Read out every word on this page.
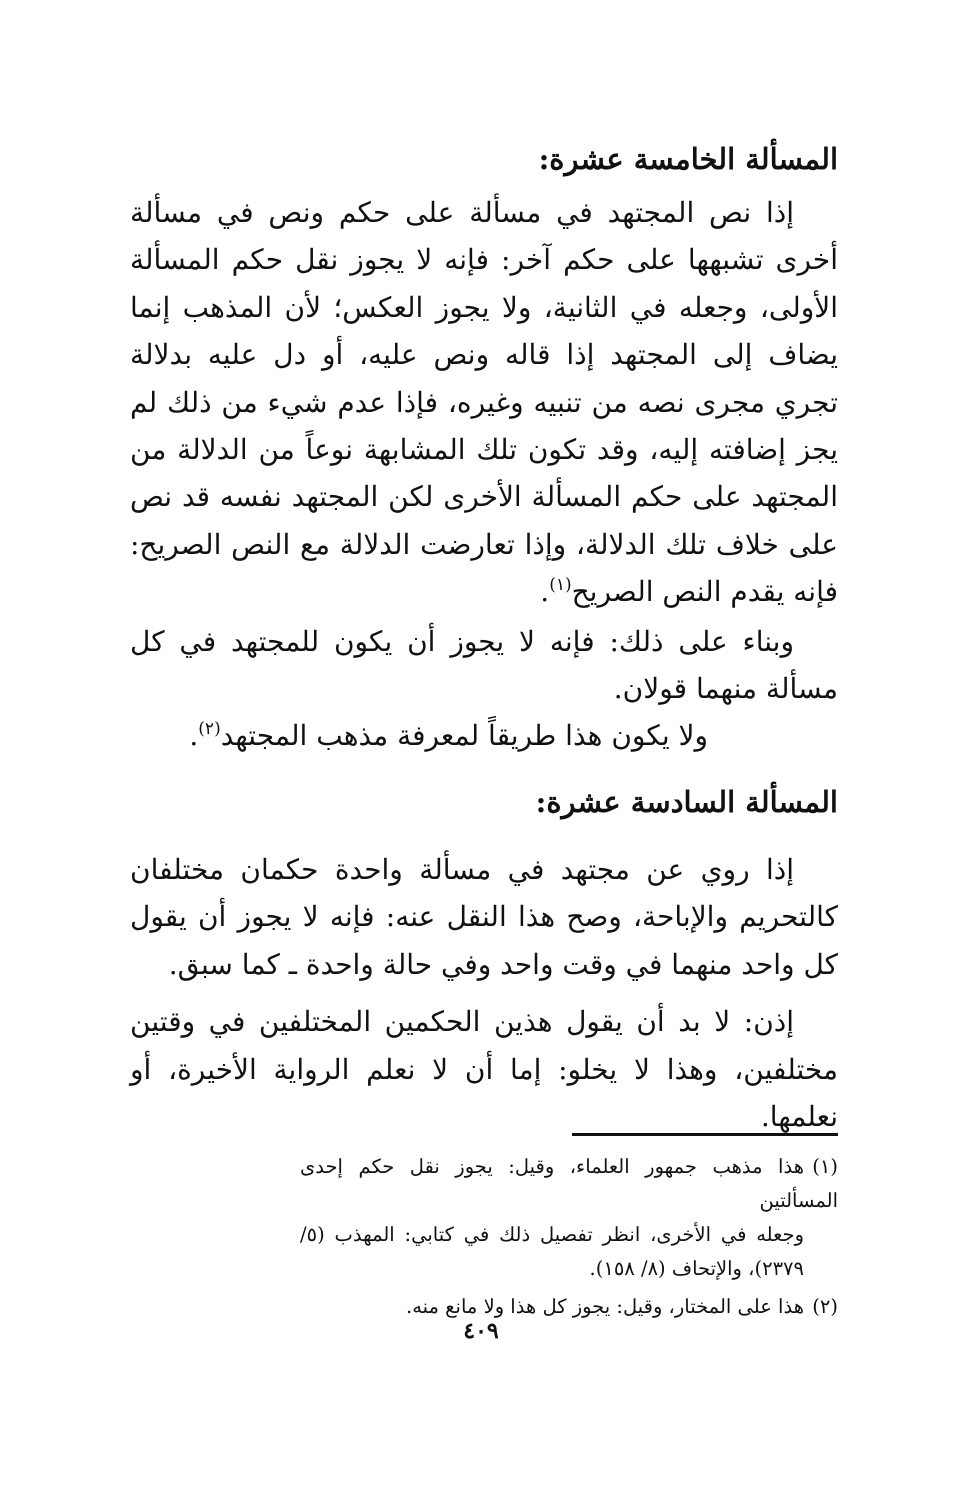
المسألة الخامسة عشرة:

إذا نص المجتهد في مسألة على حكم ونص في مسألة أخرى تشبهها على حكم آخر: فإنه لا يجوز نقل حكم المسألة الأولى، وجعله في الثانية، ولا يجوز العكس؛ لأن المذهب إنما يضاف إلى المجتهد إذا قاله ونص عليه، أو دل عليه بدلالة تجري مجرى نصه من تنبيه وغيره، فإذا عدم شيء من ذلك لم يجز إضافته إليه، وقد تكون تلك المشابهة نوعاً من الدلالة من المجتهد على حكم المسألة الأخرى لكن المجتهد نفسه قد نص على خلاف تلك الدلالة، وإذا تعارضت الدلالة مع النص الصريح: فإنه يقدم النص الصريح$^{(١)}$.

وبناء على ذلك: فإنه لا يجوز أن يكون للمجتهد في كل مسألة منهما قولان.

ولا يكون هذا طريقاً لمعرفة مذهب المجتهد$^{(٢)}$.

المسألة السادسة عشرة:

إذا روي عن مجتهد في مسألة واحدة حكمان مختلفان كالتحريم والإباحة، وصح هذا النقل عنه: فإنه لا يجوز أن يقول كل واحد منهما في وقت واحد وفي حالة واحدة ـ كما سبق.

إذن: لا بد أن يقول هذين الحكمين المختلفين في وقتين مختلفين، وهذا لا يخلو: إما أن لا نعلم الرواية الأخيرة، أو نعلمها.

(١)هذا مذهب جمهور العلماء، وقيل: يجوز نقل حكم إحدى المسألتين
وجعله في الأخرى، انظر تفصيل ذلك في كتابي: المهذب (٥/ ٢٣٧٩)، والإتحاف (٨/ ١٥٨).

(٢)هذا على المختار، وقيل: يجوز كل هذا ولا مانع منه.

٤٠٩
